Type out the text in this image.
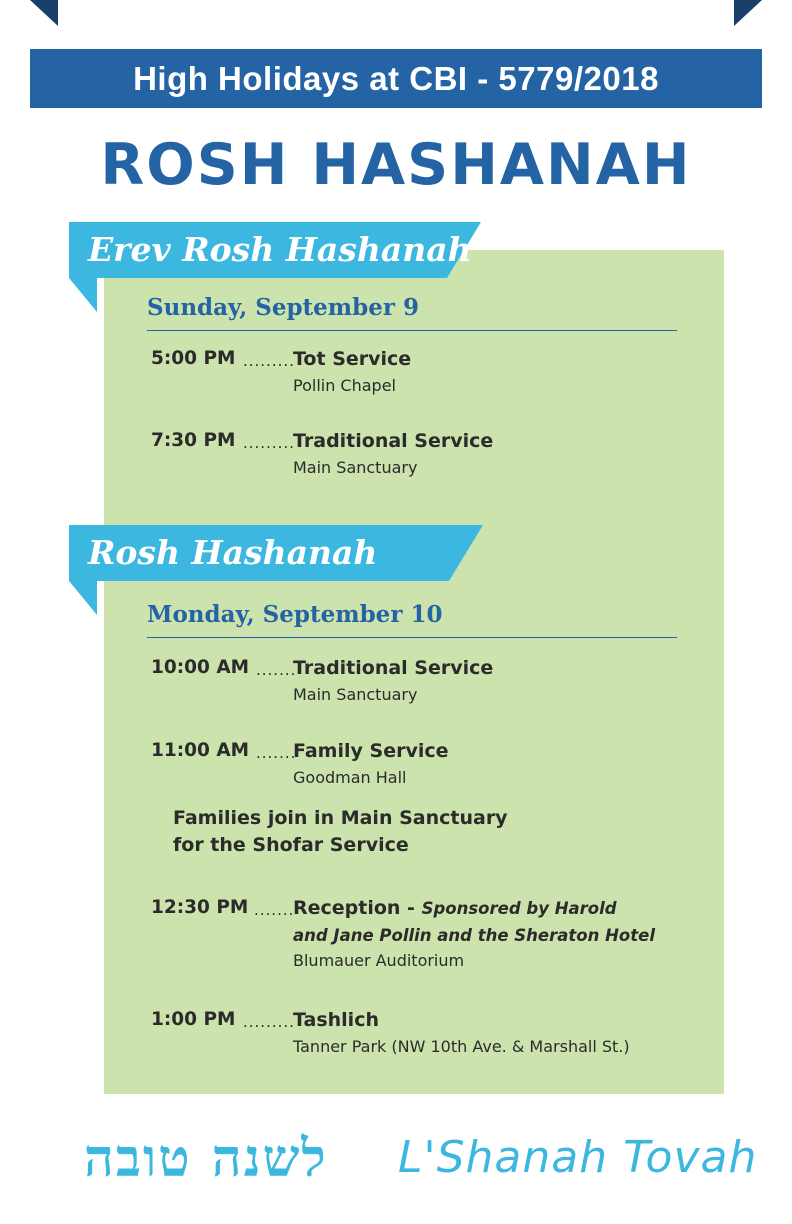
High Holidays at CBI - 5779/2018
ROSH HASHANAH
Erev Rosh Hashanah
Sunday, September 9
5:00 PM .........
Tot Service
Pollin Chapel
7:30 PM .........
Traditional Service
Main Sanctuary
Rosh Hashanah
Monday, September 10
10:00 AM .......
Traditional Service
Main Sanctuary
11:00 AM .......
Family Service
Goodman Hall
Families join in Main Sanctuary
for the Shofar Service
12:30 PM .......
Reception - Sponsored by Harold
and Jane Pollin and the Sheraton Hotel
Blumauer Auditorium
1:00 PM .........
Tashlich
Tanner Park (NW 10th Ave. & Marshall St.)
לשנה טובה L'Shanah Tovah
